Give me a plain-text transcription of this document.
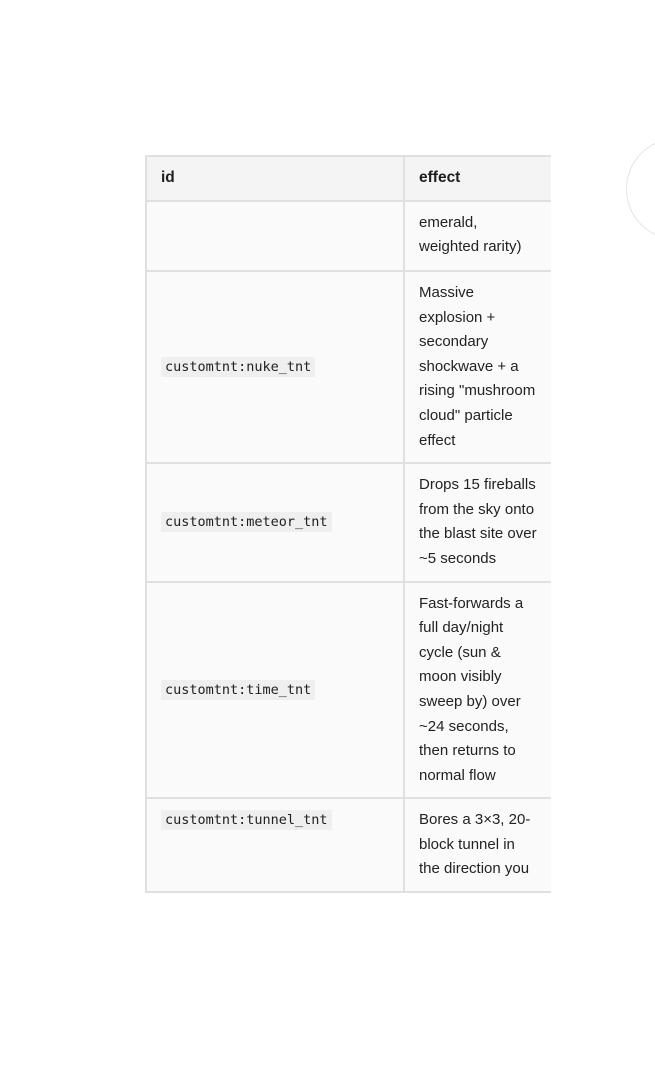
id	effect
	emerald, weighted rarity)
customtnt:nuke_tnt	Massive explosion + secondary shockwave + a rising "mushroom cloud" particle effect
customtnt:meteor_tnt	Drops 15 fireballs from the sky onto the blast site over ~5 seconds
customtnt:time_tnt	Fast-forwards a full day/night cycle (sun & moon visibly sweep by) over ~24 seconds, then returns to normal flow
customtnt:tunnel_tnt	Bores a 3×3, 20-block tunnel in the direction you
